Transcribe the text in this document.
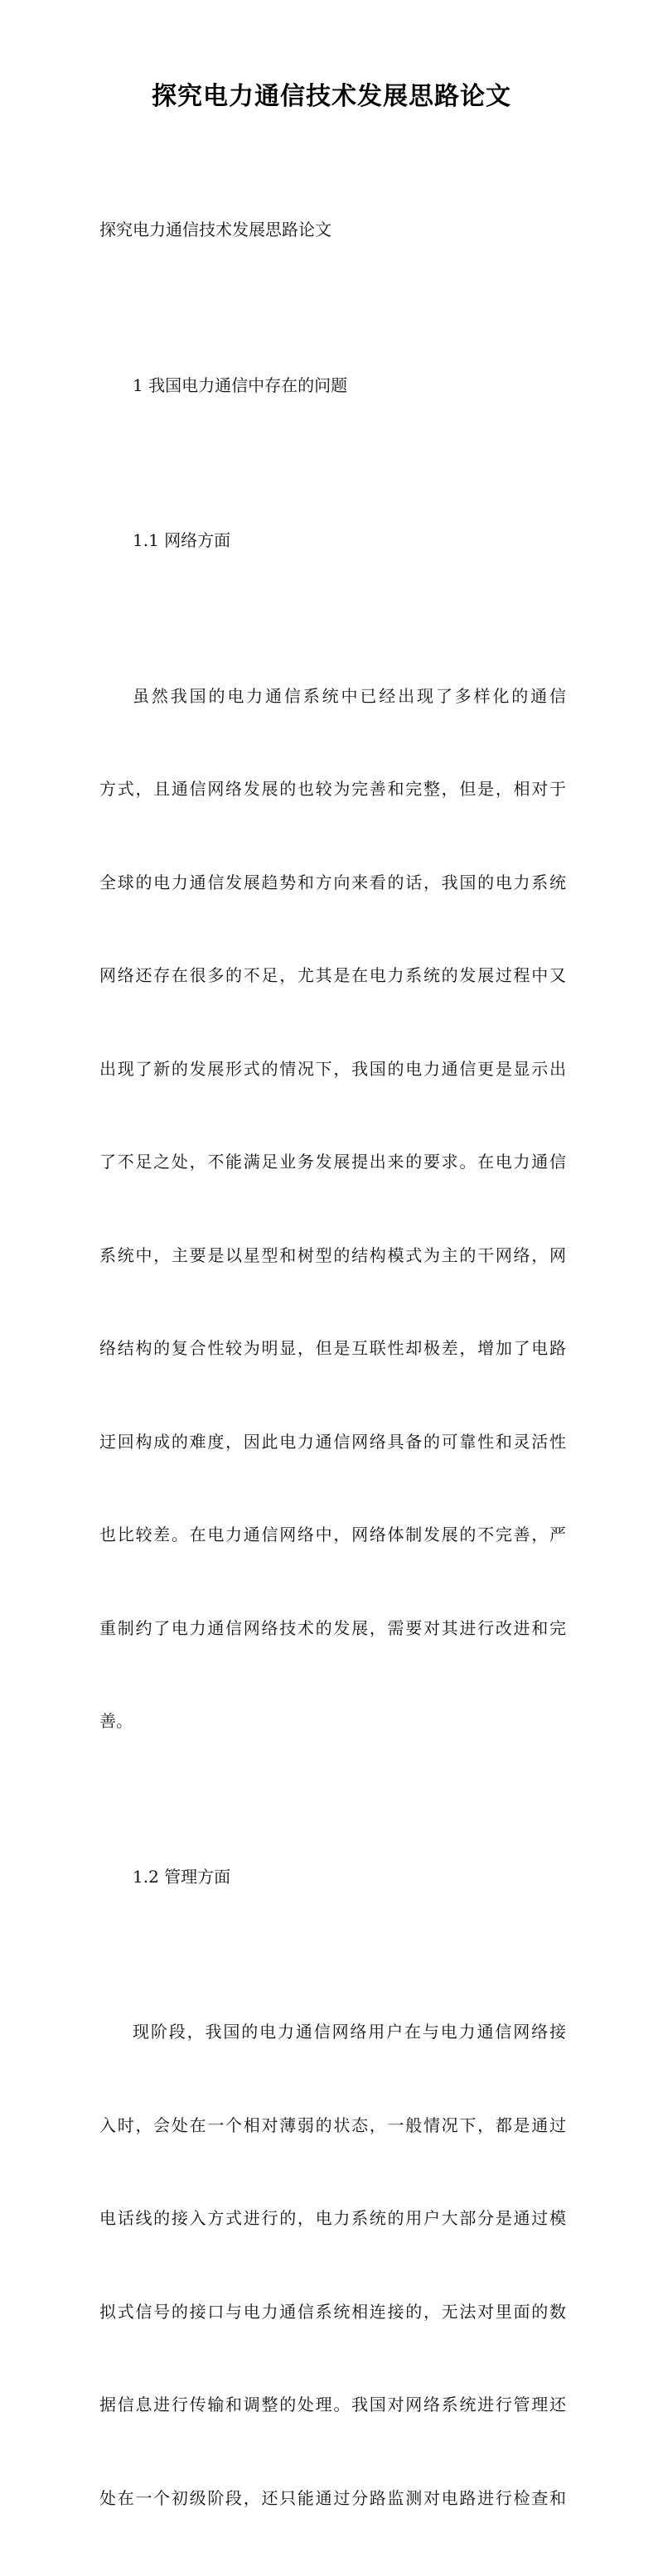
探究电力通信技术发展思路论文

探究电力通信技术发展思路论文

1 我国电力通信中存在的问题

1.1 网络方面

虽然我国的电力通信系统中已经出现了多样化的通信

方式，且通信网络发展的也较为完善和完整，但是，相对于

全球的电力通信发展趋势和方向来看的话，我国的电力系统

网络还存在很多的不足，尤其是在电力系统的发展过程中又

出现了新的发展形式的情况下，我国的电力通信更是显示出

了不足之处，不能满足业务发展提出来的要求。在电力通信

系统中，主要是以星型和树型的结构模式为主的干网络，网

络结构的复合性较为明显，但是互联性却极差，增加了电路

迂回构成的难度，因此电力通信网络具备的可靠性和灵活性

也比较差。在电力通信网络中，网络体制发展的不完善，严

重制约了电力通信网络技术的发展，需要对其进行改进和完

善。

1.2 管理方面

现阶段，我国的电力通信网络用户在与电力通信网络接

入时，会处在一个相对薄弱的状态，一般情况下，都是通过

电话线的接入方式进行的，电力系统的用户大部分是通过模

拟式信号的接口与电力通信系统相连接的，无法对里面的数

据信息进行传输和调整的处理。我国对网络系统进行管理还

处在一个初级阶段，还只能通过分路监测对电路进行检查和
